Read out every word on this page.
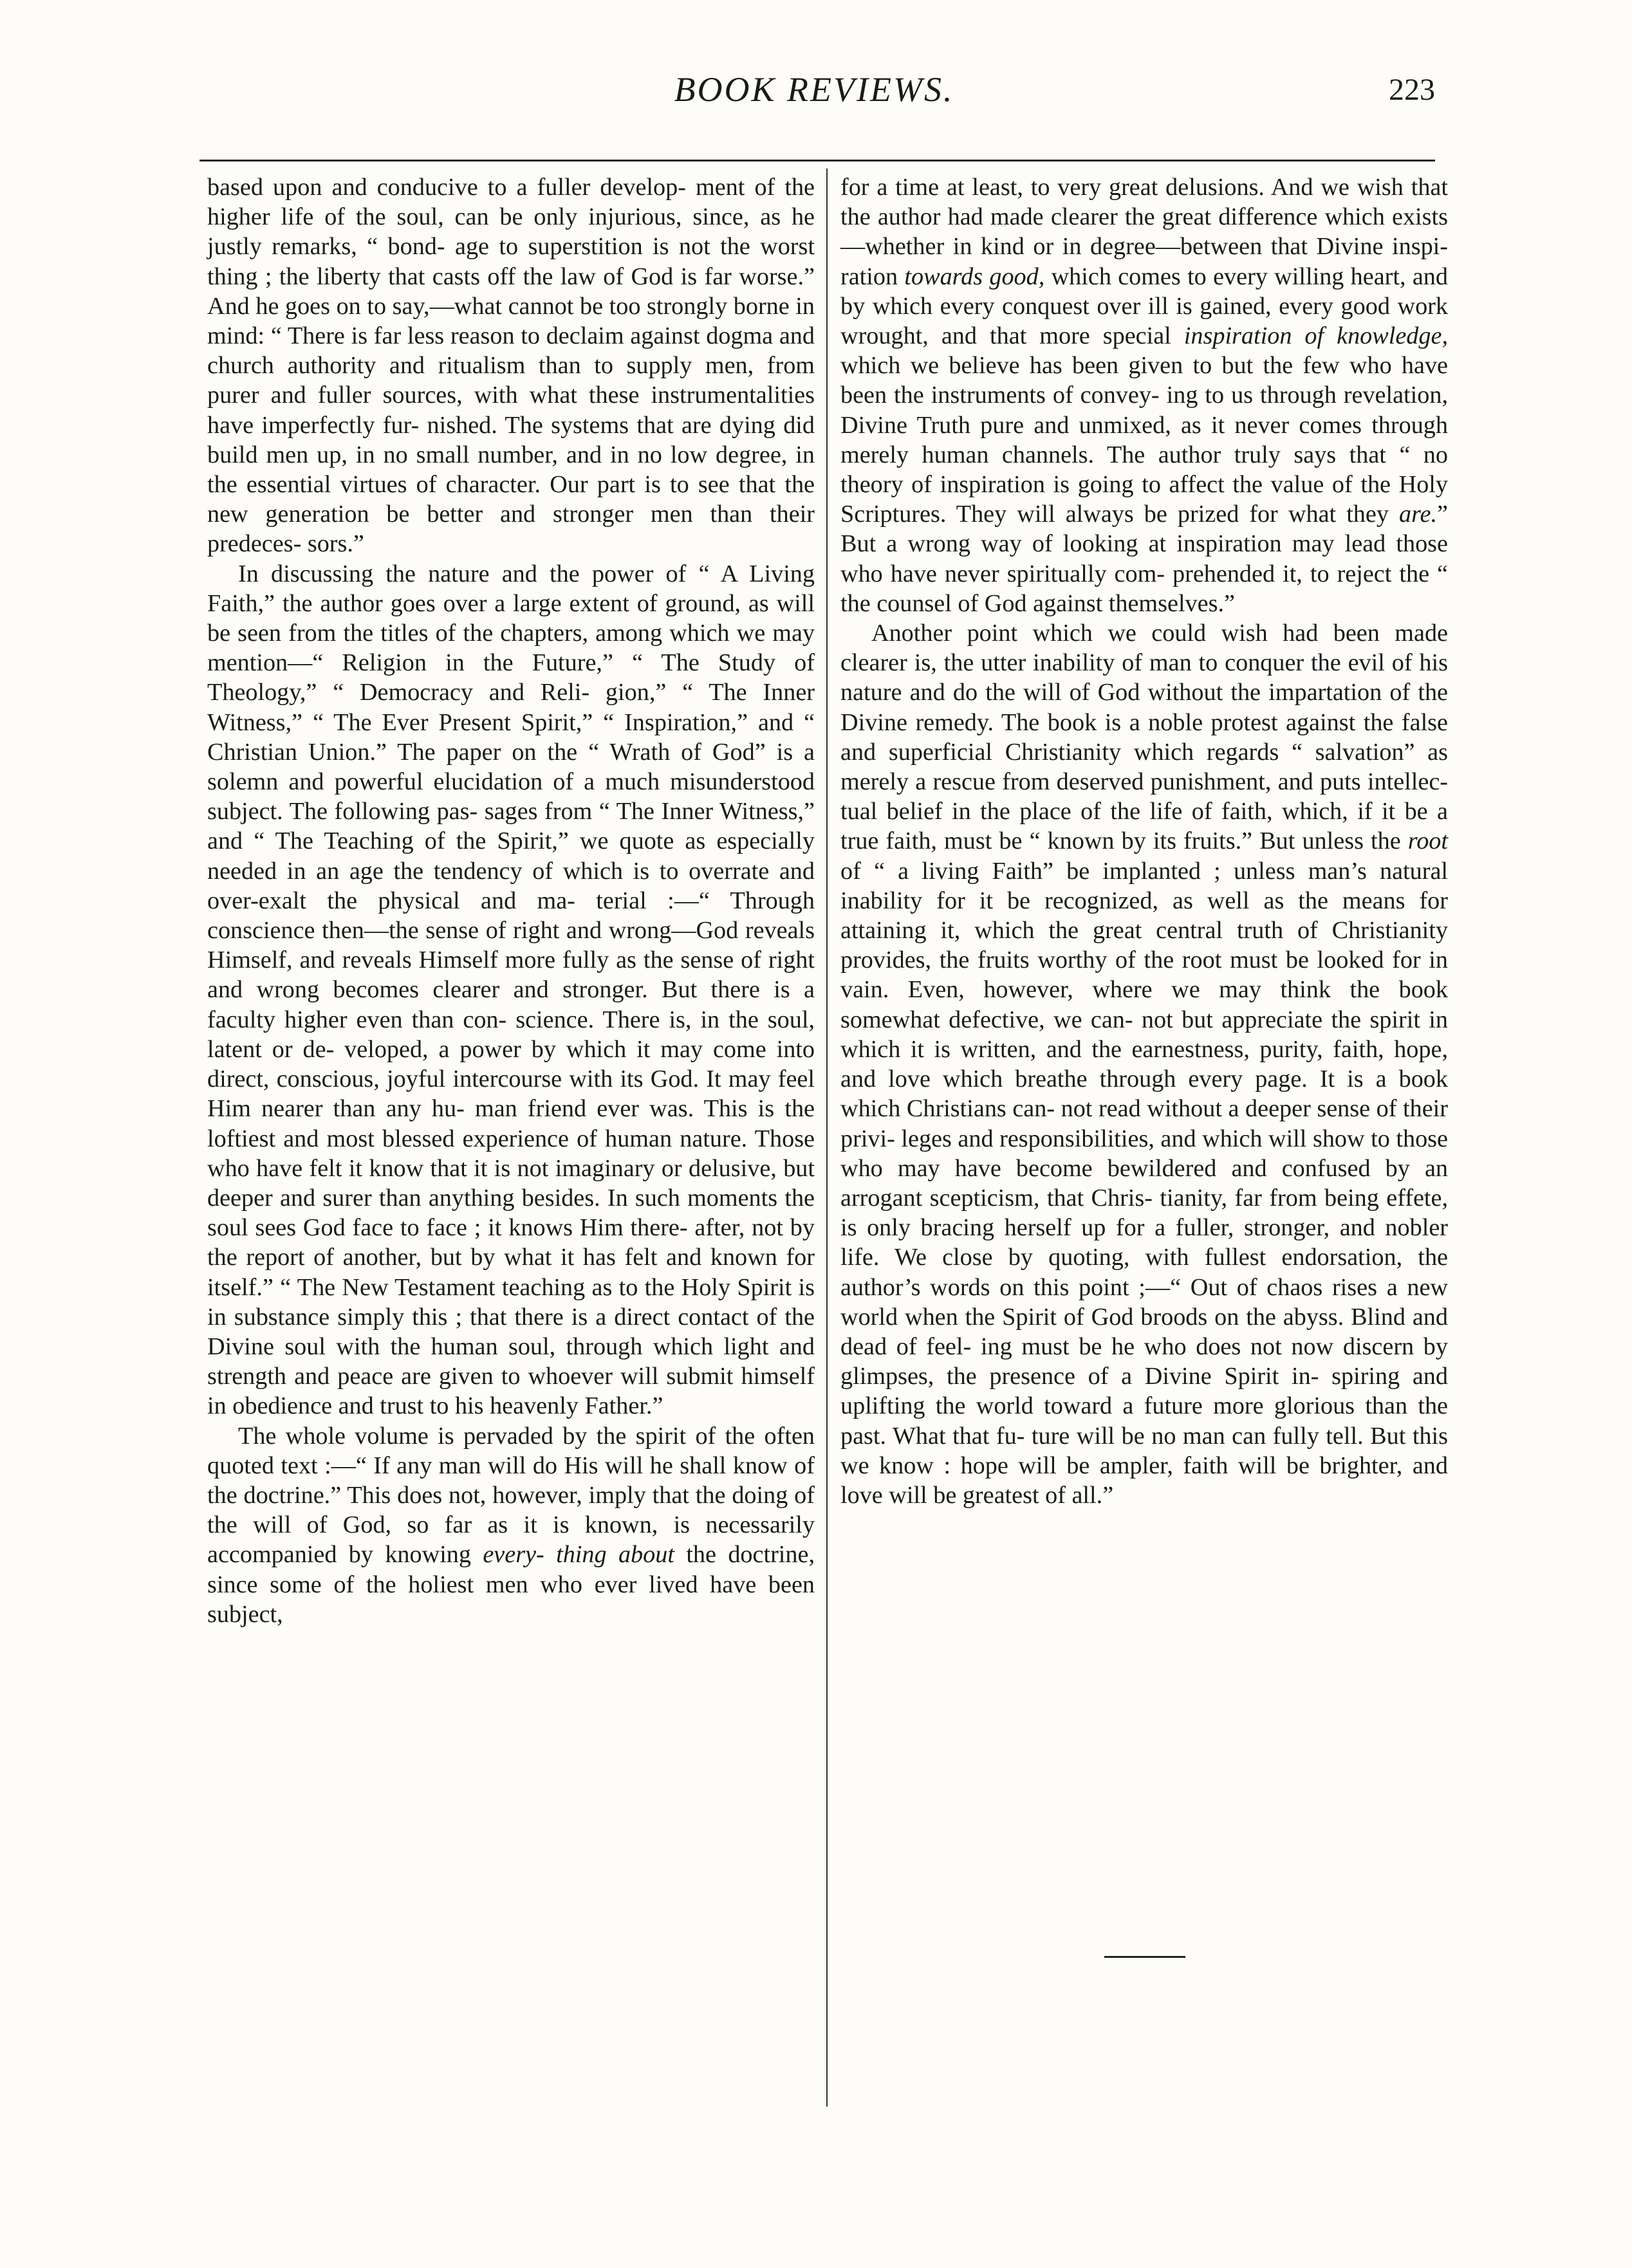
BOOK REVIEWS.	223

based upon and conducive to a fuller develop- ment of the higher life of the soul, can be only injurious, since, as he justly remarks, “ bond- age to superstition is not the worst thing ; the liberty that casts off the law of God is far worse.” And he goes on to say,—what cannot be too strongly borne in mind: “ There is far less reason to declaim against dogma and church authority and ritualism than to supply men, from purer and fuller sources, with what these instrumentalities have imperfectly fur- nished. The systems that are dying did build men up, in no small number, and in no low degree, in the essential virtues of character. Our part is to see that the new generation be better and stronger men than their predeces- sors.”

In discussing the nature and the power of “ A Living Faith,” the author goes over a large extent of ground, as will be seen from the titles of the chapters, among which we may mention—“ Religion in the Future,” “ The Study of Theology,” “ Democracy and Reli- gion,” “ The Inner Witness,” “ The Ever Present Spirit,” “ Inspiration,” and “ Christian Union.” The paper on the “ Wrath of God” is a solemn and powerful elucidation of a much misunderstood subject. The following pas- sages from “ The Inner Witness,” and “ The Teaching of the Spirit,” we quote as especially needed in an age the tendency of which is to overrate and over-exalt the physical and ma- terial :—“ Through conscience then—the sense of right and wrong—God reveals Himself, and reveals Himself more fully as the sense of right and wrong becomes clearer and stronger. But there is a faculty higher even than con- science. There is, in the soul, latent or de- veloped, a power by which it may come into direct, conscious, joyful intercourse with its God. It may feel Him nearer than any hu- man friend ever was. This is the loftiest and most blessed experience of human nature. Those who have felt it know that it is not imaginary or delusive, but deeper and surer than anything besides. In such moments the soul sees God face to face ; it knows Him there- after, not by the report of another, but by what it has felt and known for itself.” “ The New Testament teaching as to the Holy Spirit is in substance simply this ; that there is a direct contact of the Divine soul with the human soul, through which light and strength and peace are given to whoever will submit himself in obedience and trust to his heavenly Father.”

The whole volume is pervaded by the spirit of the often quoted text :—“ If any man will do His will he shall know of the doctrine.” This does not, however, imply that the doing of the will of God, so far as it is known, is necessarily accompanied by knowing every- thing about the doctrine, since some of the holiest men who ever lived have been subject,

for a time at least, to very great delusions. And we wish that the author had made clearer the great difference which exists—whether in kind or in degree—between that Divine inspi- ration towards good, which comes to every willing heart, and by which every conquest over ill is gained, every good work wrought, and that more special inspiration of knowledge, which we believe has been given to but the few who have been the instruments of convey- ing to us through revelation, Divine Truth pure and unmixed, as it never comes through merely human channels. The author truly says that “ no theory of inspiration is going to affect the value of the Holy Scriptures. They will always be prized for what they are.” But a wrong way of looking at inspiration may lead those who have never spiritually com- prehended it, to reject the “ the counsel of God against themselves.”

Another point which we could wish had been made clearer is, the utter inability of man to conquer the evil of his nature and do the will of God without the impartation of the Divine remedy. The book is a noble protest against the false and superficial Christianity which regards “ salvation” as merely a rescue from deserved punishment, and puts intellec- tual belief in the place of the life of faith, which, if it be a true faith, must be “ known by its fruits.” But unless the root of “ a living Faith” be implanted ; unless man’s natural inability for it be recognized, as well as the means for attaining it, which the great central truth of Christianity provides, the fruits worthy of the root must be looked for in vain. Even, however, where we may think the book somewhat defective, we can- not but appreciate the spirit in which it is written, and the earnestness, purity, faith, hope, and love which breathe through every page. It is a book which Christians can- not read without a deeper sense of their privi- leges and responsibilities, and which will show to those who may have become bewildered and confused by an arrogant scepticism, that Chris- tianity, far from being effete, is only bracing herself up for a fuller, stronger, and nobler life. We close by quoting, with fullest endorsation, the author’s words on this point ;—“ Out of chaos rises a new world when the Spirit of God broods on the abyss. Blind and dead of feel- ing must be he who does not now discern by glimpses, the presence of a Divine Spirit in- spiring and uplifting the world toward a future more glorious than the past. What that fu- ture will be no man can fully tell. But this we know : hope will be ampler, faith will be brighter, and love will be greatest of all.”
